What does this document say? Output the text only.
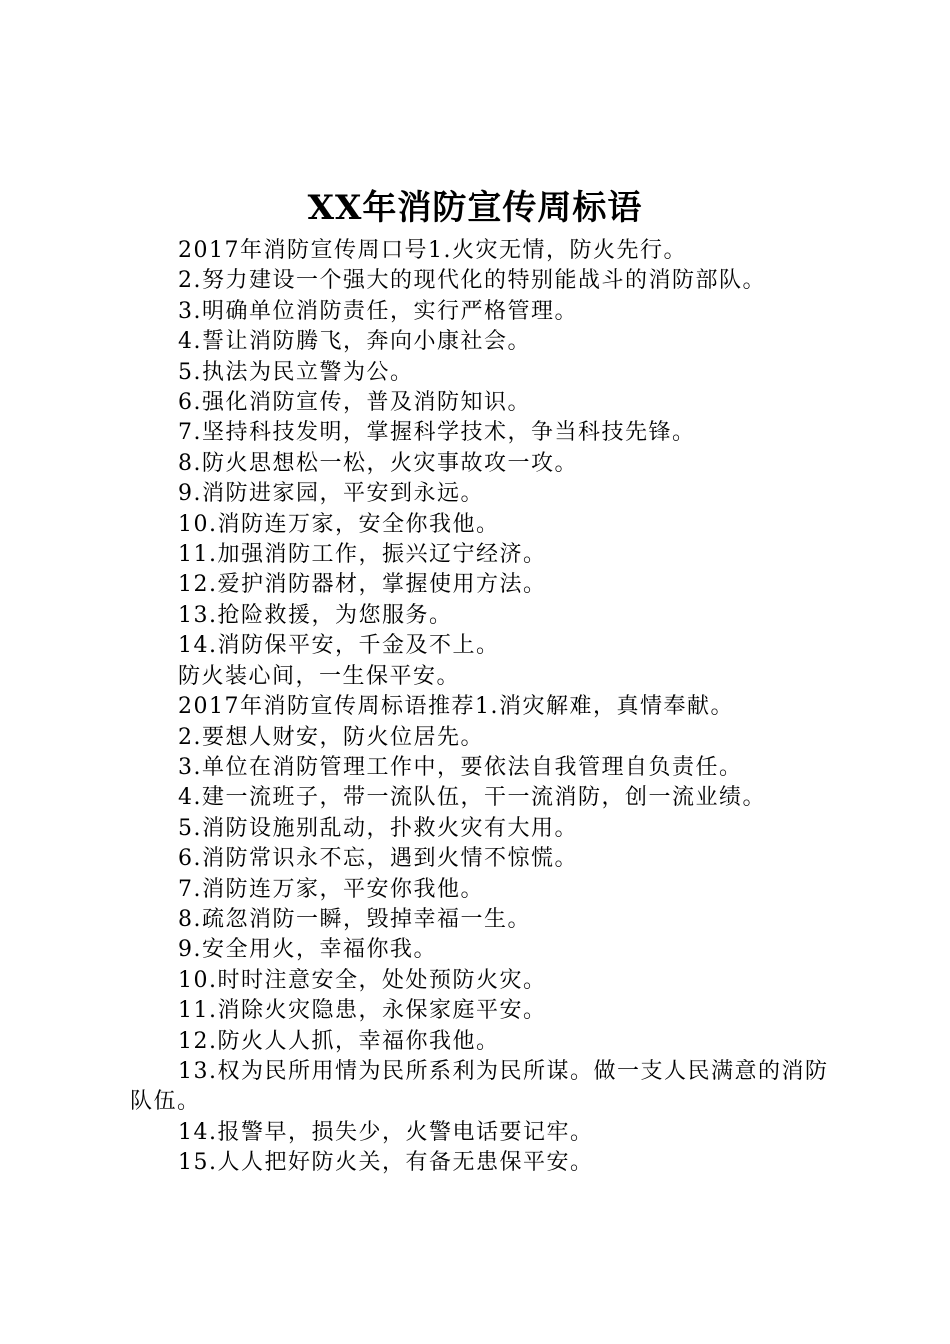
XX年消防宣传周标语

2017年消防宣传周口号1.火灾无情，防火先行。

2.努力建设一个强大的现代化的特别能战斗的消防部队。

3.明确单位消防责任，实行严格管理。

4.誓让消防腾飞，奔向小康社会。

5.执法为民立警为公。

6.强化消防宣传，普及消防知识。

7.坚持科技发明，掌握科学技术，争当科技先锋。

8.防火思想松一松，火灾事故攻一攻。

9.消防进家园，平安到永远。

10.消防连万家，安全你我他。

11.加强消防工作，振兴辽宁经济。

12.爱护消防器材，掌握使用方法。

13.抢险救援，为您服务。

14.消防保平安，千金及不上。

防火装心间，一生保平安。

2017年消防宣传周标语推荐1.消灾解难，真情奉献。

2.要想人财安，防火位居先。

3.单位在消防管理工作中，要依法自我管理自负责任。

4.建一流班子，带一流队伍，干一流消防，创一流业绩。

5.消防设施别乱动，扑救火灾有大用。

6.消防常识永不忘，遇到火情不惊慌。

7.消防连万家，平安你我他。

8.疏忽消防一瞬，毁掉幸福一生。

9.安全用火，幸福你我。

10.时时注意安全，处处预防火灾。

11.消除火灾隐患，永保家庭平安。

12.防火人人抓，幸福你我他。

13.权为民所用情为民所系利为民所谋。做一支人民满意的消防队伍。

14.报警早，损失少，火警电话要记牢。

15.人人把好防火关，有备无患保平安。
